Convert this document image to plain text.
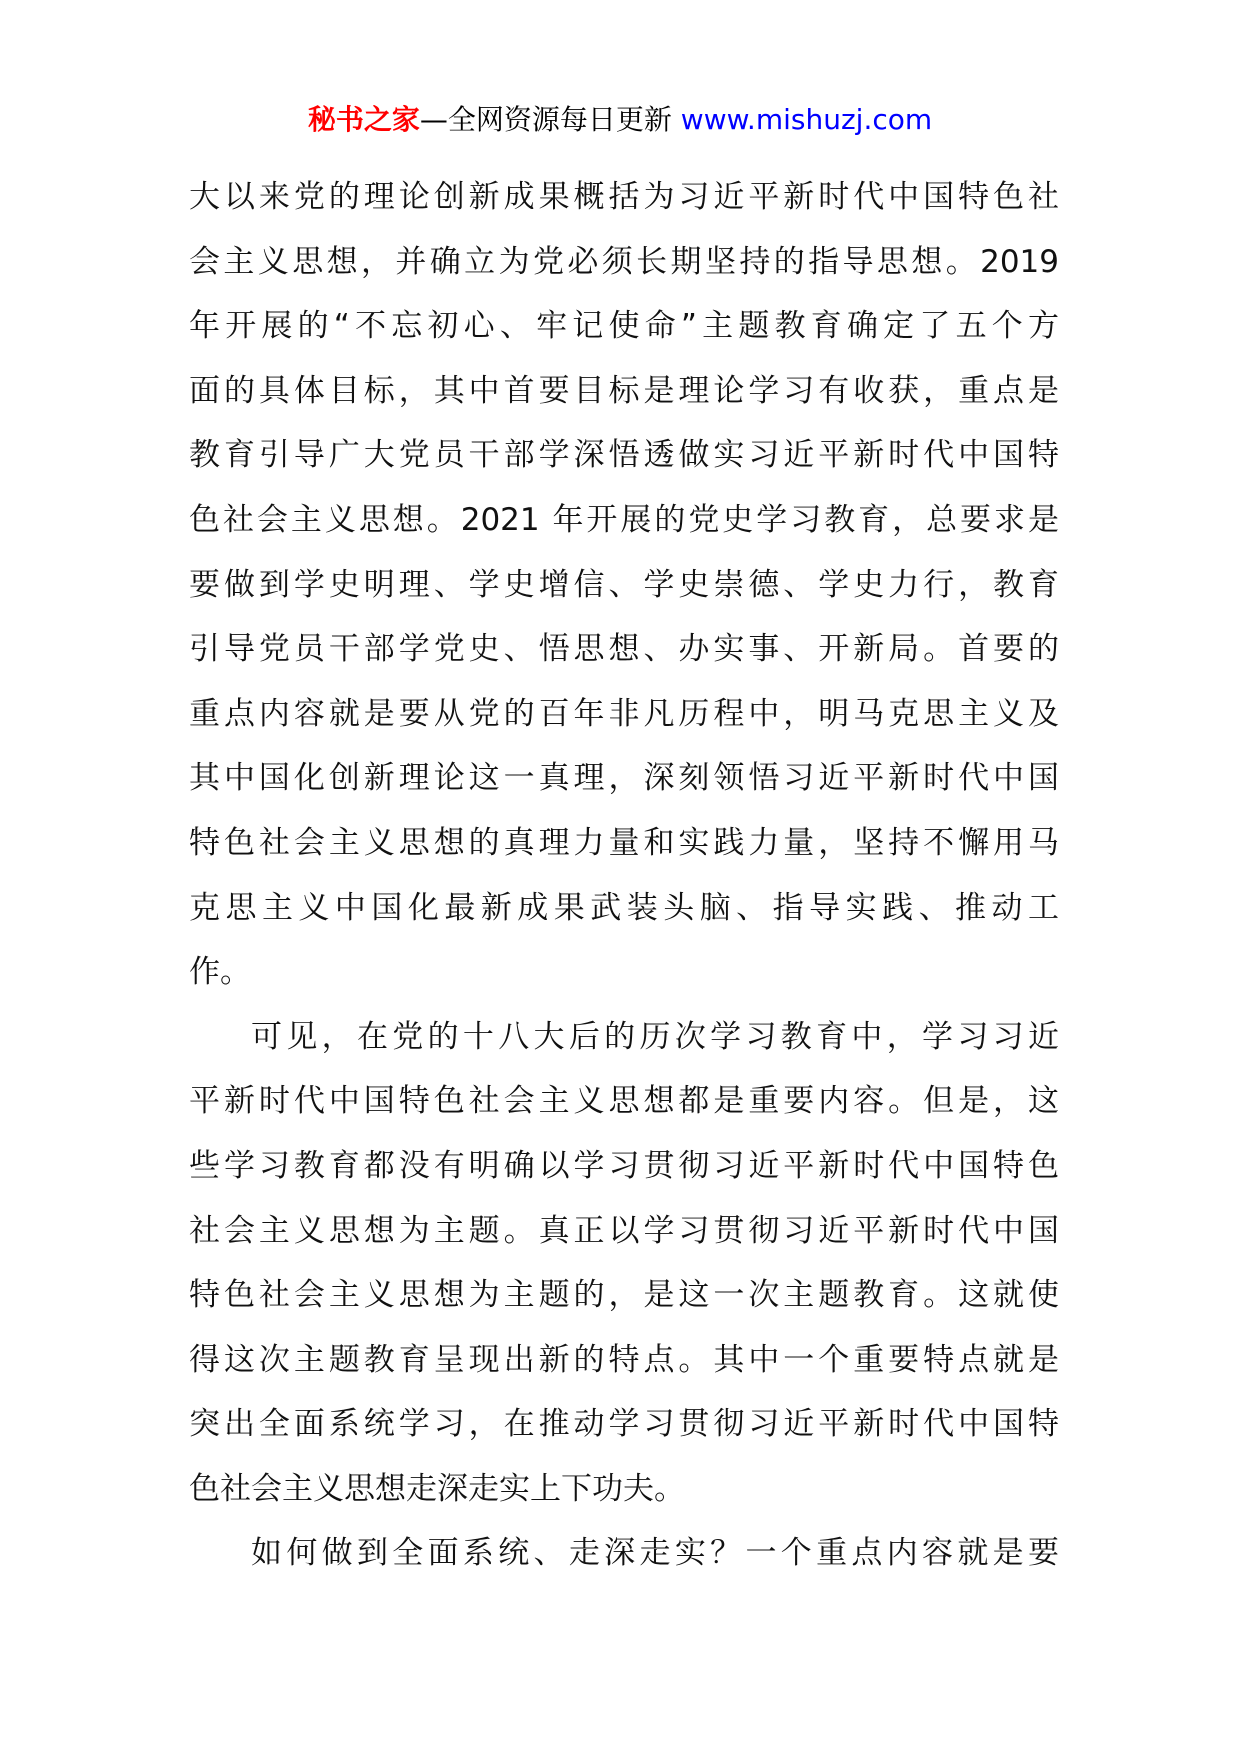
秘书之家—全网资源每日更新 www.mishuzj.com

大以来党的理论创新成果概括为习近平新时代中国特色社
会主义思想，并确立为党必须长期坚持的指导思想。2019
年开展的“不忘初心、牢记使命”主题教育确定了五个方
面的具体目标，其中首要目标是理论学习有收获，重点是
教育引导广大党员干部学深悟透做实习近平新时代中国特
色社会主义思想。2021 年开展的党史学习教育，总要求是
要做到学史明理、学史增信、学史崇德、学史力行，教育
引导党员干部学党史、悟思想、办实事、开新局。首要的
重点内容就是要从党的百年非凡历程中，明马克思主义及
其中国化创新理论这一真理，深刻领悟习近平新时代中国
特色社会主义思想的真理力量和实践力量，坚持不懈用马
克思主义中国化最新成果武装头脑、指导实践、推动工
作。

可见，在党的十八大后的历次学习教育中，学习习近
平新时代中国特色社会主义思想都是重要内容。但是，这
些学习教育都没有明确以学习贯彻习近平新时代中国特色
社会主义思想为主题。真正以学习贯彻习近平新时代中国
特色社会主义思想为主题的，是这一次主题教育。这就使
得这次主题教育呈现出新的特点。其中一个重要特点就是
突出全面系统学习，在推动学习贯彻习近平新时代中国特
色社会主义思想走深走实上下功夫。

如何做到全面系统、走深走实？一个重点内容就是要
